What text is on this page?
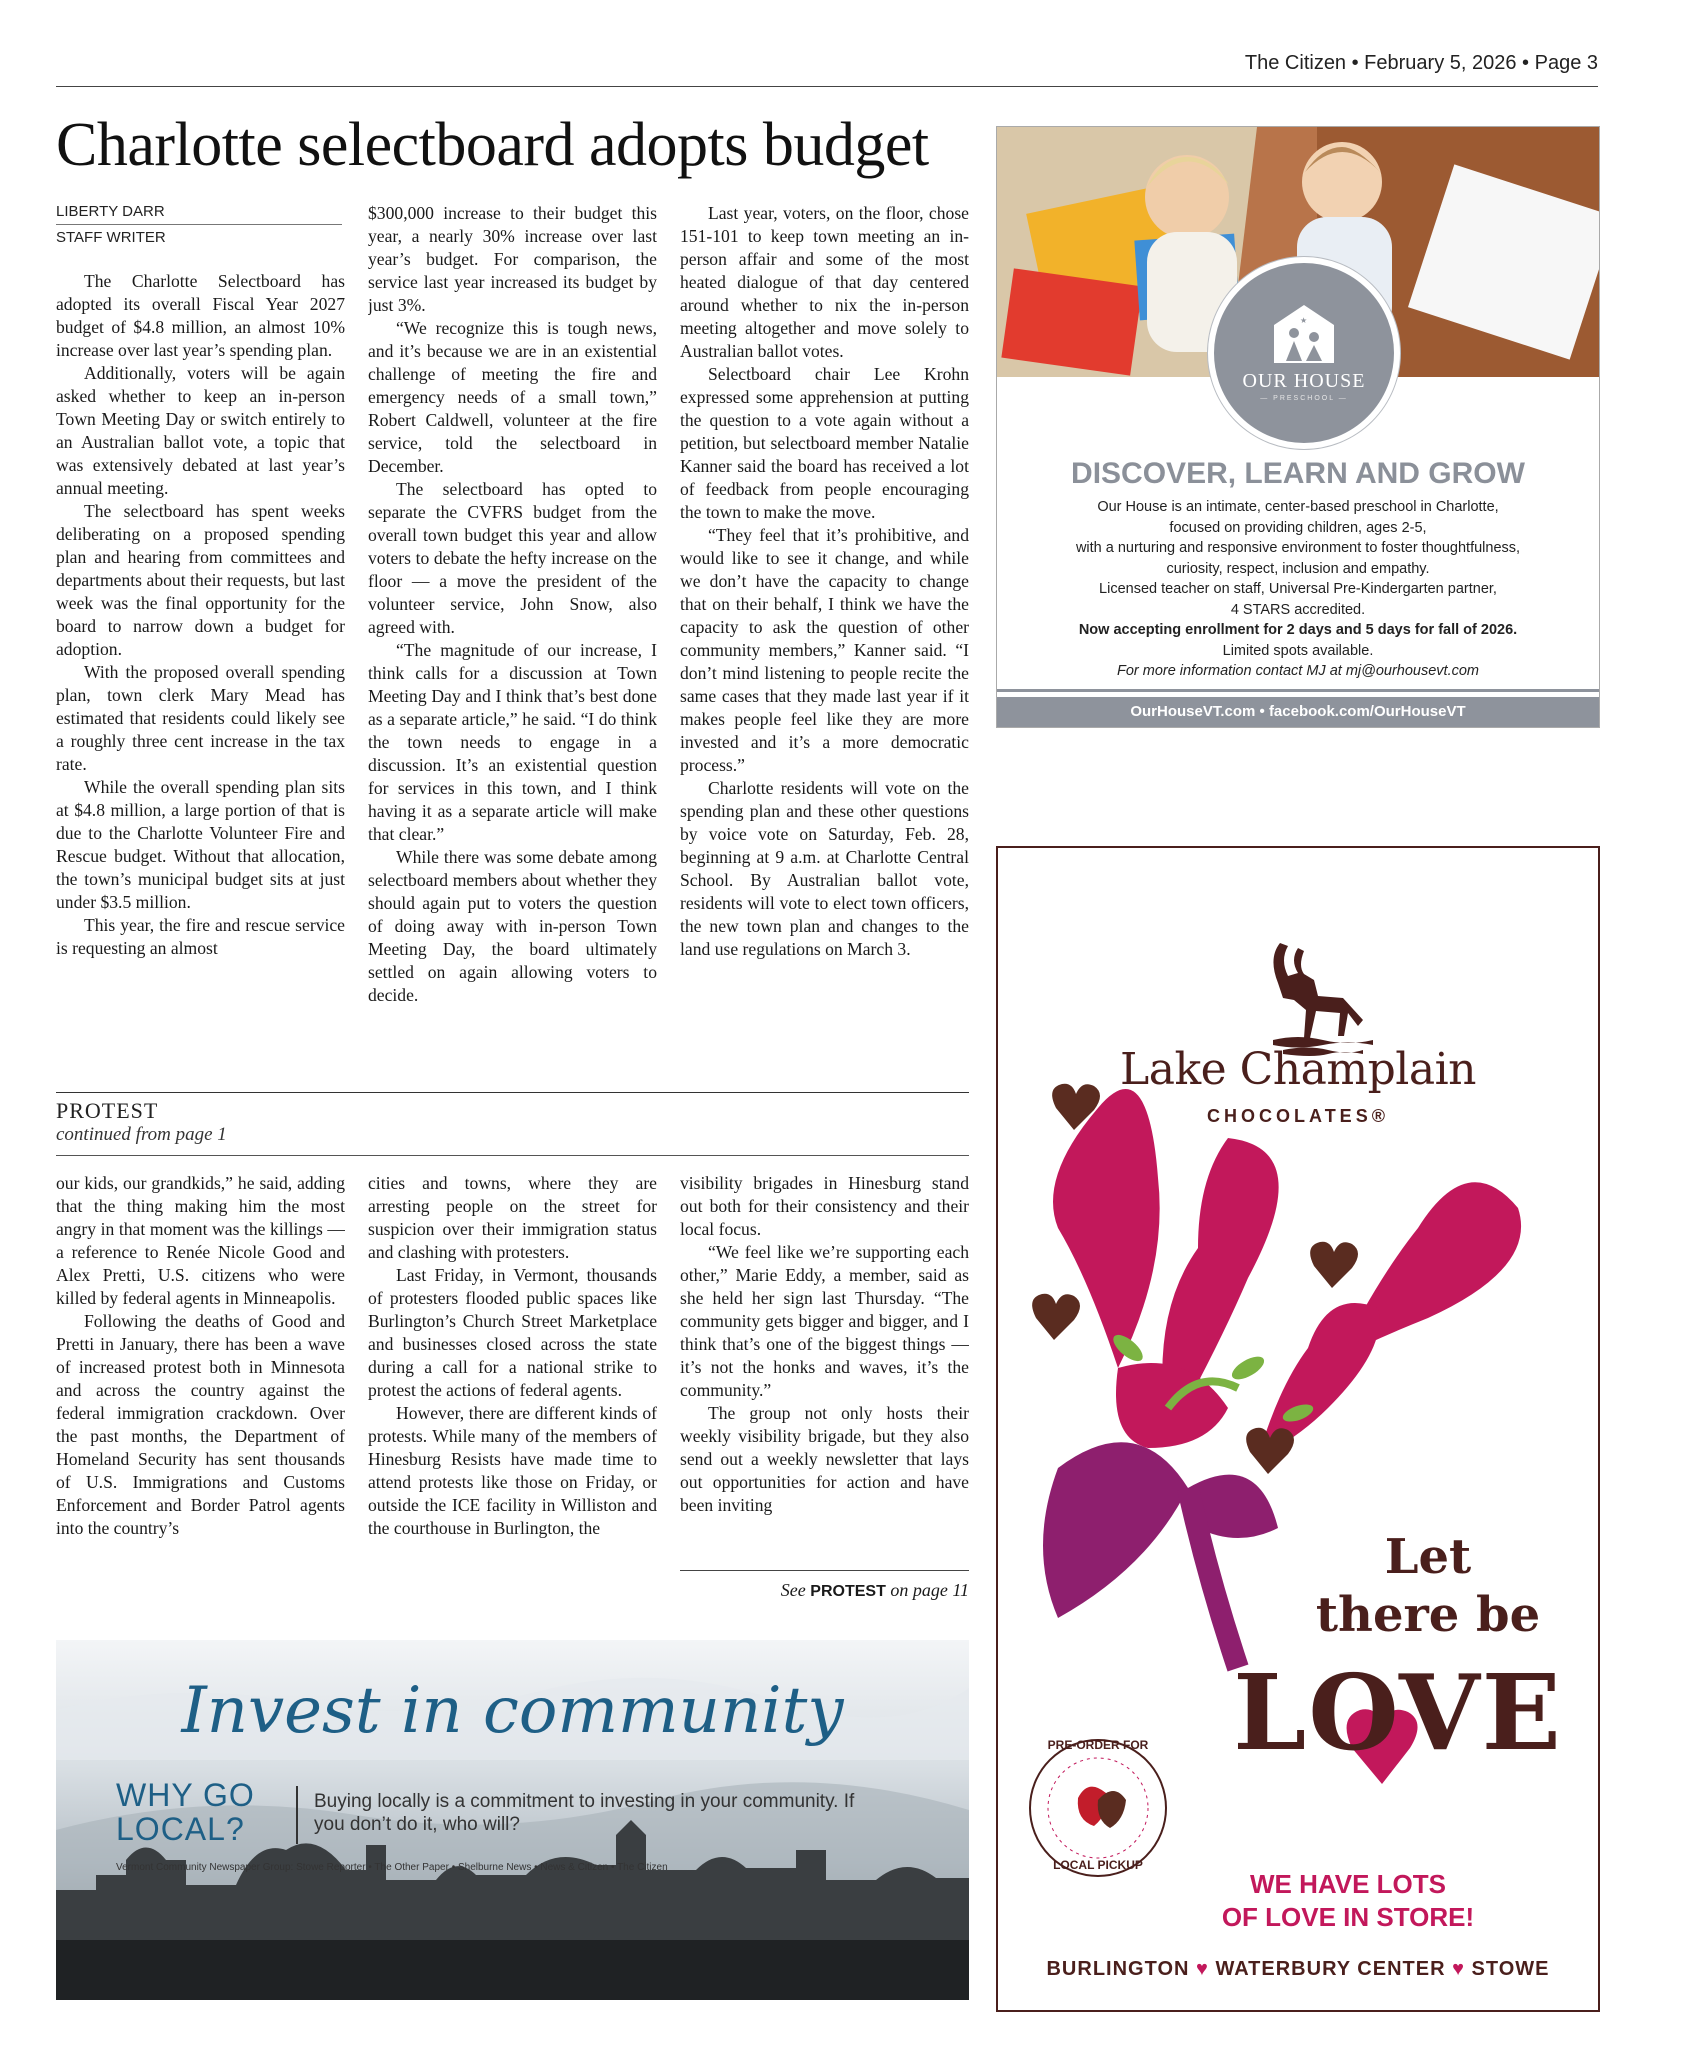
The Citizen • February 5, 2026 • Page 3
Charlotte selectboard adopts budget
LIBERTY DARR
STAFF WRITER

The Charlotte Selectboard has adopted its overall Fiscal Year 2027 budget of $4.8 million, an almost 10% increase over last year’s spending plan.

Additionally, voters will be again asked whether to keep an in-person Town Meeting Day or switch entirely to an Australian ballot vote, a topic that was extensively debated at last year’s annual meeting.

The selectboard has spent weeks deliberating on a proposed spending plan and hearing from committees and departments about their requests, but last week was the final opportunity for the board to narrow down a budget for adoption.

With the proposed overall spending plan, town clerk Mary Mead has estimated that residents could likely see a roughly three cent increase in the tax rate.

While the overall spending plan sits at $4.8 million, a large portion of that is due to the Charlotte Volunteer Fire and Rescue budget. Without that allocation, the town’s municipal budget sits at just under $3.5 million.

This year, the fire and rescue service is requesting an almost

$300,000 increase to their budget this year, a nearly 30% increase over last year’s budget. For comparison, the service last year increased its budget by just 3%.

“We recognize this is tough news, and it’s because we are in an existential challenge of meeting the fire and emergency needs of a small town,” Robert Caldwell, volunteer at the fire service, told the selectboard in December.

The selectboard has opted to separate the CVFRS budget from the overall town budget this year and allow voters to debate the hefty increase on the floor — a move the president of the volunteer service, John Snow, also agreed with.

“The magnitude of our increase, I think calls for a discussion at Town Meeting Day and I think that’s best done as a separate article,” he said. “I do think the town needs to engage in a discussion. It’s an existential question for services in this town, and I think having it as a separate article will make that clear.”

While there was some debate among selectboard members about whether they should again put to voters the question of doing away with in-person Town Meeting Day, the board ultimately settled on again allowing voters to decide.

Last year, voters, on the floor, chose 151-101 to keep town meeting an in-person affair and some of the most heated dialogue of that day centered around whether to nix the in-person meeting altogether and move solely to Australian ballot votes.

Selectboard chair Lee Krohn expressed some apprehension at putting the question to a vote again without a petition, but selectboard member Natalie Kanner said the board has received a lot of feedback from people encouraging the town to make the move.

“They feel that it’s prohibitive, and would like to see it change, and while we don’t have the capacity to change that on their behalf, I think we have the capacity to ask the question of other community members,” Kanner said. “I don’t mind listening to people recite the same cases that they made last year if it makes people feel like they are more invested and it’s a more democratic process.”

Charlotte residents will vote on the spending plan and these other questions by voice vote on Saturday, Feb. 28, beginning at 9 a.m. at Charlotte Central School. By Australian ballot vote, residents will vote to elect town officers, the new town plan and changes to the land use regulations on March 3.

PROTEST
continued from page 1

our kids, our grandkids,” he said, adding that the thing making him the most angry in that moment was the killings — a reference to Renée Nicole Good and Alex Pretti, U.S. citizens who were killed by federal agents in Minneapolis.

Following the deaths of Good and Pretti in January, there has been a wave of increased protest both in Minnesota and across the country against the federal immigration crackdown. Over the past months, the Department of Homeland Security has sent thousands of U.S. Immigrations and Customs Enforcement and Border Patrol agents into the country’s

cities and towns, where they are arresting people on the street for suspicion over their immigration status and clashing with protesters.

Last Friday, in Vermont, thousands of protesters flooded public spaces like Burlington’s Church Street Marketplace and businesses closed across the state during a call for a national strike to protest the actions of federal agents.

However, there are different kinds of protests. While many of the members of Hinesburg Resists have made time to attend protests like those on Friday, or outside the ICE facility in Williston and the courthouse in Burlington, the

visibility brigades in Hinesburg stand out both for their consistency and their local focus.

“We feel like we’re supporting each other,” Marie Eddy, a member, said as she held her sign last Thursday. “The community gets bigger and bigger, and I think that’s one of the biggest things — it’s not the honks and waves, it’s the community.”

The group not only hosts their weekly visibility brigade, but they also send out a weekly newsletter that lays out opportunities for action and have been inviting

See PROTEST on page 11
Invest in community
WHY GO
LOCAL?
Buying locally is a commitment to investing in your community. If you don’t do it, who will?
Vermont Community Newspaper Group: Stowe Reporter • The Other Paper • Shelburne News • News & Citizen • The Citizen
★
OUR HOUSE
— PRESCHOOL —
DISCOVER, LEARN AND GROW
Our House is an intimate, center-based preschool in Charlotte,
focused on providing children, ages 2-5,
with a nurturing and responsive environment to foster thoughtfulness,
curiosity, respect, inclusion and empathy.
Licensed teacher on staff, Universal Pre-Kindergarten partner,
4 STARS accredited.
Now accepting enrollment for 2 days and 5 days for fall of 2026.
Limited spots available.
For more information contact MJ at mj@ourhousevt.com
OurHouseVT.com • facebook.com/OurHouseVT
Lake Champlain
CHOCOLATES®
Let
there be
LOVE
PRE-ORDER FOR
LOCAL PICKUP
WE HAVE LOTS
OF LOVE IN STORE!
BURLINGTON ♥ WATERBURY CENTER ♥ STOWE
